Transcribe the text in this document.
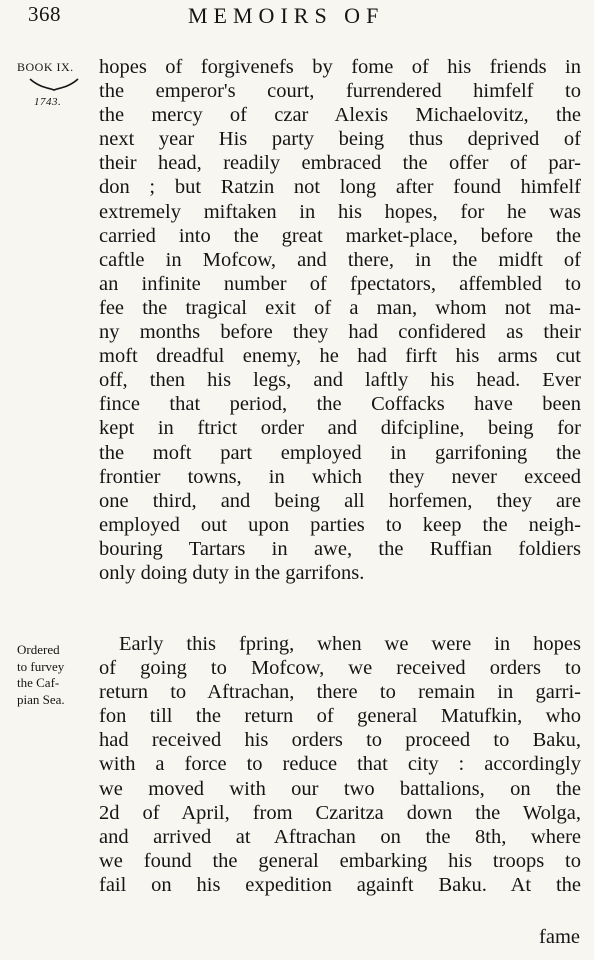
368	MEMOIRS OF
BOOK IX.
1743.
Ordered
to furvey
the Caf-
pian Sea.
hopes of forgivenefs by fome of his friends in
the emperor's court, furrendered himfelf to
the mercy of czar Alexis Michaelovitz, the
next year His party being thus deprived of
their head, readily embraced the offer of par-
don ; but Ratzin not long after found himfelf
extremely miftaken in his hopes, for he was
carried into the great market-place, before the
caftle in Mofcow, and there, in the midft of
an infinite number of fpectators, affembled to
fee the tragical exit of a man, whom not ma-
ny months before they had confidered as their
moft dreadful enemy, he had firft his arms cut
off, then his legs, and laftly his head. Ever
fince that period, the Coffacks have been
kept in ftrict order and difcipline, being for
the moft part employed in garrifoning the
frontier towns, in which they never exceed
one third, and being all horfemen, they are
employed out upon parties to keep the neigh-
bouring Tartars in awe, the Ruffian foldiers
only doing duty in the garrifons.
Early this fpring, when we were in hopes
of going to Mofcow, we received orders to
return to Aftrachan, there to remain in garri-
fon till the return of general Matufkin, who
had received his orders to proceed to Baku,
with a force to reduce that city : accordingly
we moved with our two battalions, on the
2d of April, from Czaritza down the Wolga,
and arrived at Aftrachan on the 8th, where
we found the general embarking his troops to
fail on his expedition againft Baku. At the
fame
